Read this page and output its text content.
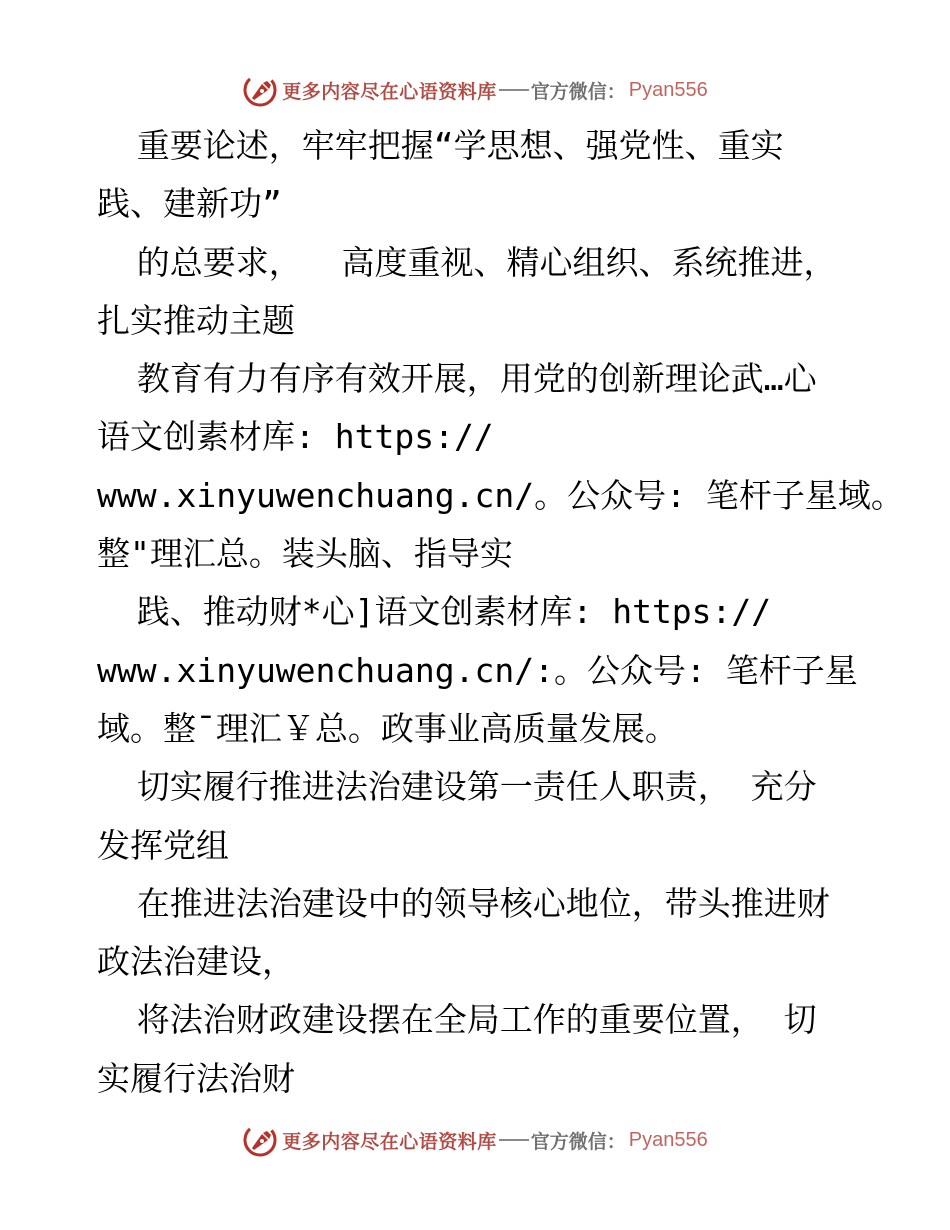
更多内容尽在心语资料库 官方微信： Pyan556
重要论述，牢牢把握“学思想、强党性、重实
践、建新功”
的总要求，  高度重视、精心组织、系统推进，
扎实推动主题
教育有力有序有效开展，用党的创新理论武…心
语文创素材库: https://
www.xinyuwenchuang.cn/。公众号: 笔杆子星域。
整"理汇总。装头脑、指导实
践、推动财*心]语文创素材库: https://
www.xinyuwenchuang.cn/:。公众号: 笔杆子星
域。整¯理汇￥总。政事业高质量发展。
切实履行推进法治建设第一责任人职责， 充分
发挥党组
在推进法治建设中的领导核心地位，带头推进财
政法治建设，
将法治财政建设摆在全局工作的重要位置， 切
实履行法治财
更多内容尽在心语资料库 官方微信： Pyan556
